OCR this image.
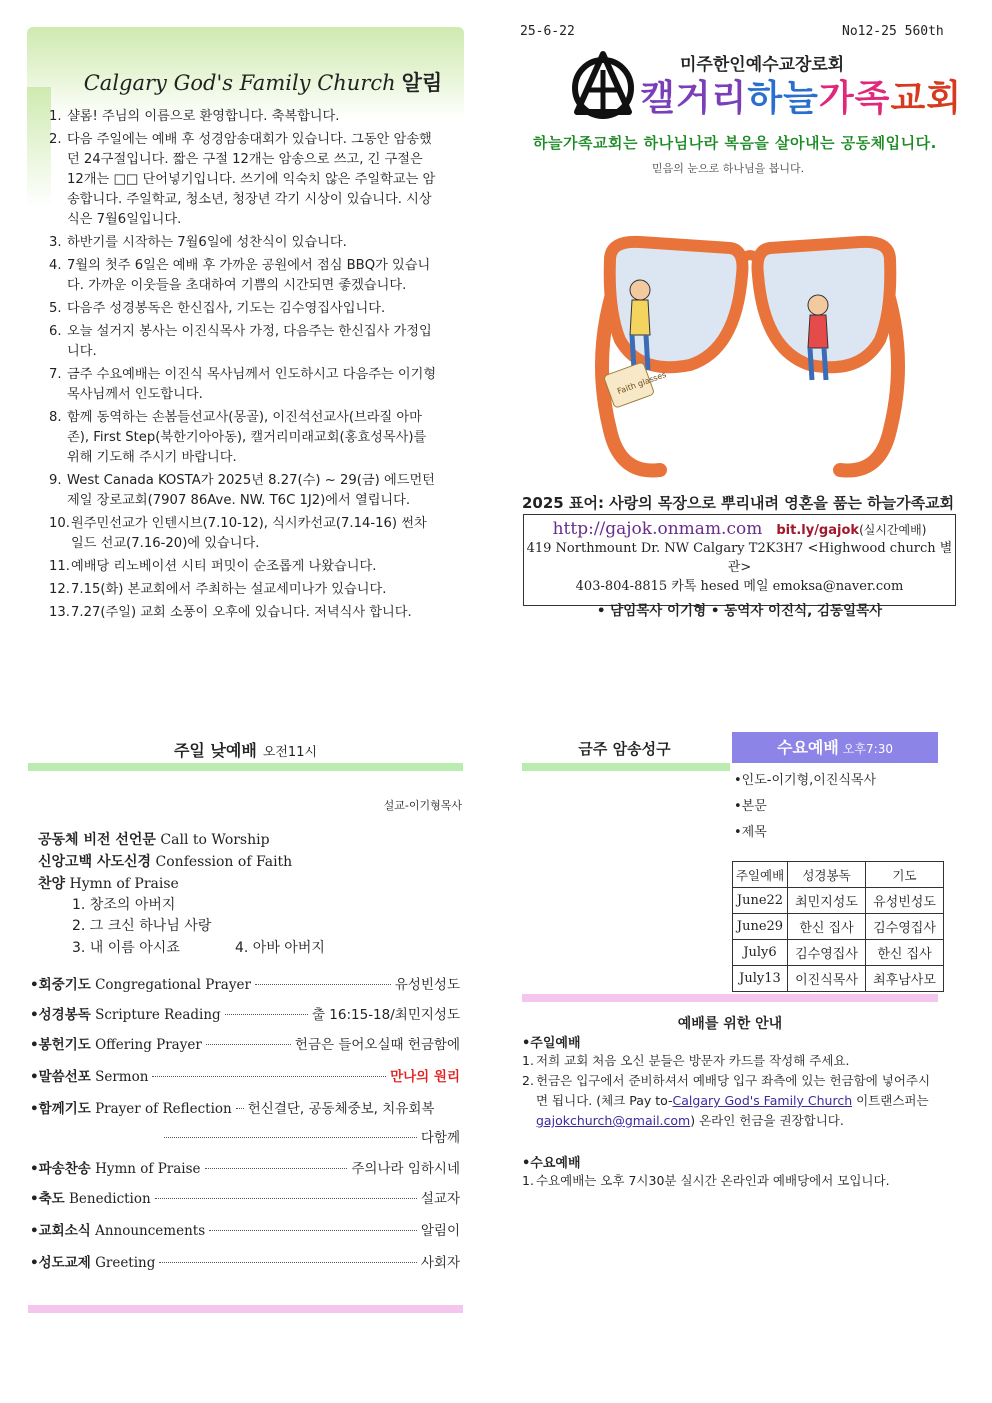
Calgary God's Family Church 알림
1. 샬롬! 주님의 이름으로 환영합니다. 축복합니다.
2. 다음 주일에는 예배 후 성경암송대회가 있습니다. 그동안 암송했던 24구절입니다. 짧은 구절 12개는 암송으로 쓰고, 긴 구절은 12개는 □□ 단어넣기입니다. 쓰기에 익숙치 않은 주일학교는 암송합니다. 주일학교, 청소년, 청장년 각기 시상이 있습니다. 시상식은 7월6일입니다.
3. 하반기를 시작하는 7월6일에 성찬식이 있습니다.
4. 7월의 첫주 6일은 예배 후 가까운 공원에서 점심 BBQ가 있습니다. 가까운 이웃들을 초대하여 기쁨의 시간되면 좋겠습니다.
5. 다음주 성경봉독은 한신집사, 기도는 김수영집사입니다.
6. 오늘 설거지 봉사는 이진식목사 가정, 다음주는 한신집사 가정입니다.
7. 금주 수요예배는 이진식 목사님께서 인도하시고 다음주는 이기형목사님께서 인도합니다.
8. 함께 동역하는 손봄들선교사(몽골), 이진석선교사(브라질 아마존), First Step(북한기아아동), 캘거리미래교회(홍효성목사)를 위해 기도해 주시기 바랍니다.
9. West Canada KOSTA가 2025년 8.27(수) ~ 29(금) 에드먼턴 제일 장로교회(7907 86Ave. NW. T6C 1J2)에서 열립니다.
10. 원주민선교가 인텐시브(7.10-12), 식시카선교(7.14-16) 썬차일드 선교(7.16-20)에 있습니다.
11. 예배당 리노베이션 시티 퍼밋이 순조롭게 나왔습니다.
12. 7.15(화) 본교회에서 주최하는 설교세미나가 있습니다.
13. 7.27(주일) 교회 소풍이 오후에 있습니다. 저녁식사 합니다.
25-6-22	No12-25 560th
미주한인예수교장로회
캘거리하늘가족교회
하늘가족교회는 하나님나라 복음을 살아내는 공동체입니다.
믿음의 눈으로 하나님을 봅니다.
Faith glasses
2025 표어: 사랑의 목장으로 뿌리내려 영혼을 품는 하늘가족교회
http://gajok.onmam.com bit.ly/gajok(실시간예배)
419 Northmount Dr. NW Calgary T2K3H7 <Highwood church 별관>
403-804-8815 카톡 hesed 메일 emoksa@naver.com
• 담임목사 이기형 • 동역자 이진식, 김동일목사
주일 낮예배 오전11시
설교-이기형목사
공동체 비전 선언문 Call to Worship
신앙고백 사도신경 Confession of Faith
찬양 Hymn of Praise
1. 창조의 아버지
2. 그 크신 하나님 사랑
3. 내 이름 아시죠	4. 아바 아버지
•회중기도
Congregational Prayer	유성빈성도
•성경봉독
Scripture Reading	출 16:15-18/최민지성도
•봉헌기도
Offering Prayer	헌금은 들어오실때 헌금함에
•말씀선포
Sermon	만나의 원리
•함께기도
Prayer of Reflection 헌신결단, 공동체중보, 치유회복
다함께
•파송찬송
Hymn of Praise	주의나라 임하시네
•축도
Benediction	설교자
•교회소식
Announcements	알림이
•성도교제
Greeting	사회자
금주 암송성구	수요예배 오후7:30
•인도-이기형,이진식목사
•본문
•제목
주일예배	성경봉독	기도
June22	최민지성도	유성빈성도
June29	한신 집사	김수영집사
July6	김수영집사	한신 집사
July13	이진식목사	최후남사모
예배를 위한 안내
•주일예배
1. 저희 교회 처음 오신 분들은 방문자 카드를 작성해 주세요.
2. 헌금은 입구에서 준비하셔서 예배당 입구 좌측에 있는 헌금함에 넣어주시면 됩니다. (체크 Pay to-Calgary God's Family Church 이트랜스퍼는 gajokchurch@gmail.com) 온라인 헌금을 권장합니다.
•수요예배
1. 수요예배는 오후 7시30분 실시간 온라인과 예배당에서 모입니다.
